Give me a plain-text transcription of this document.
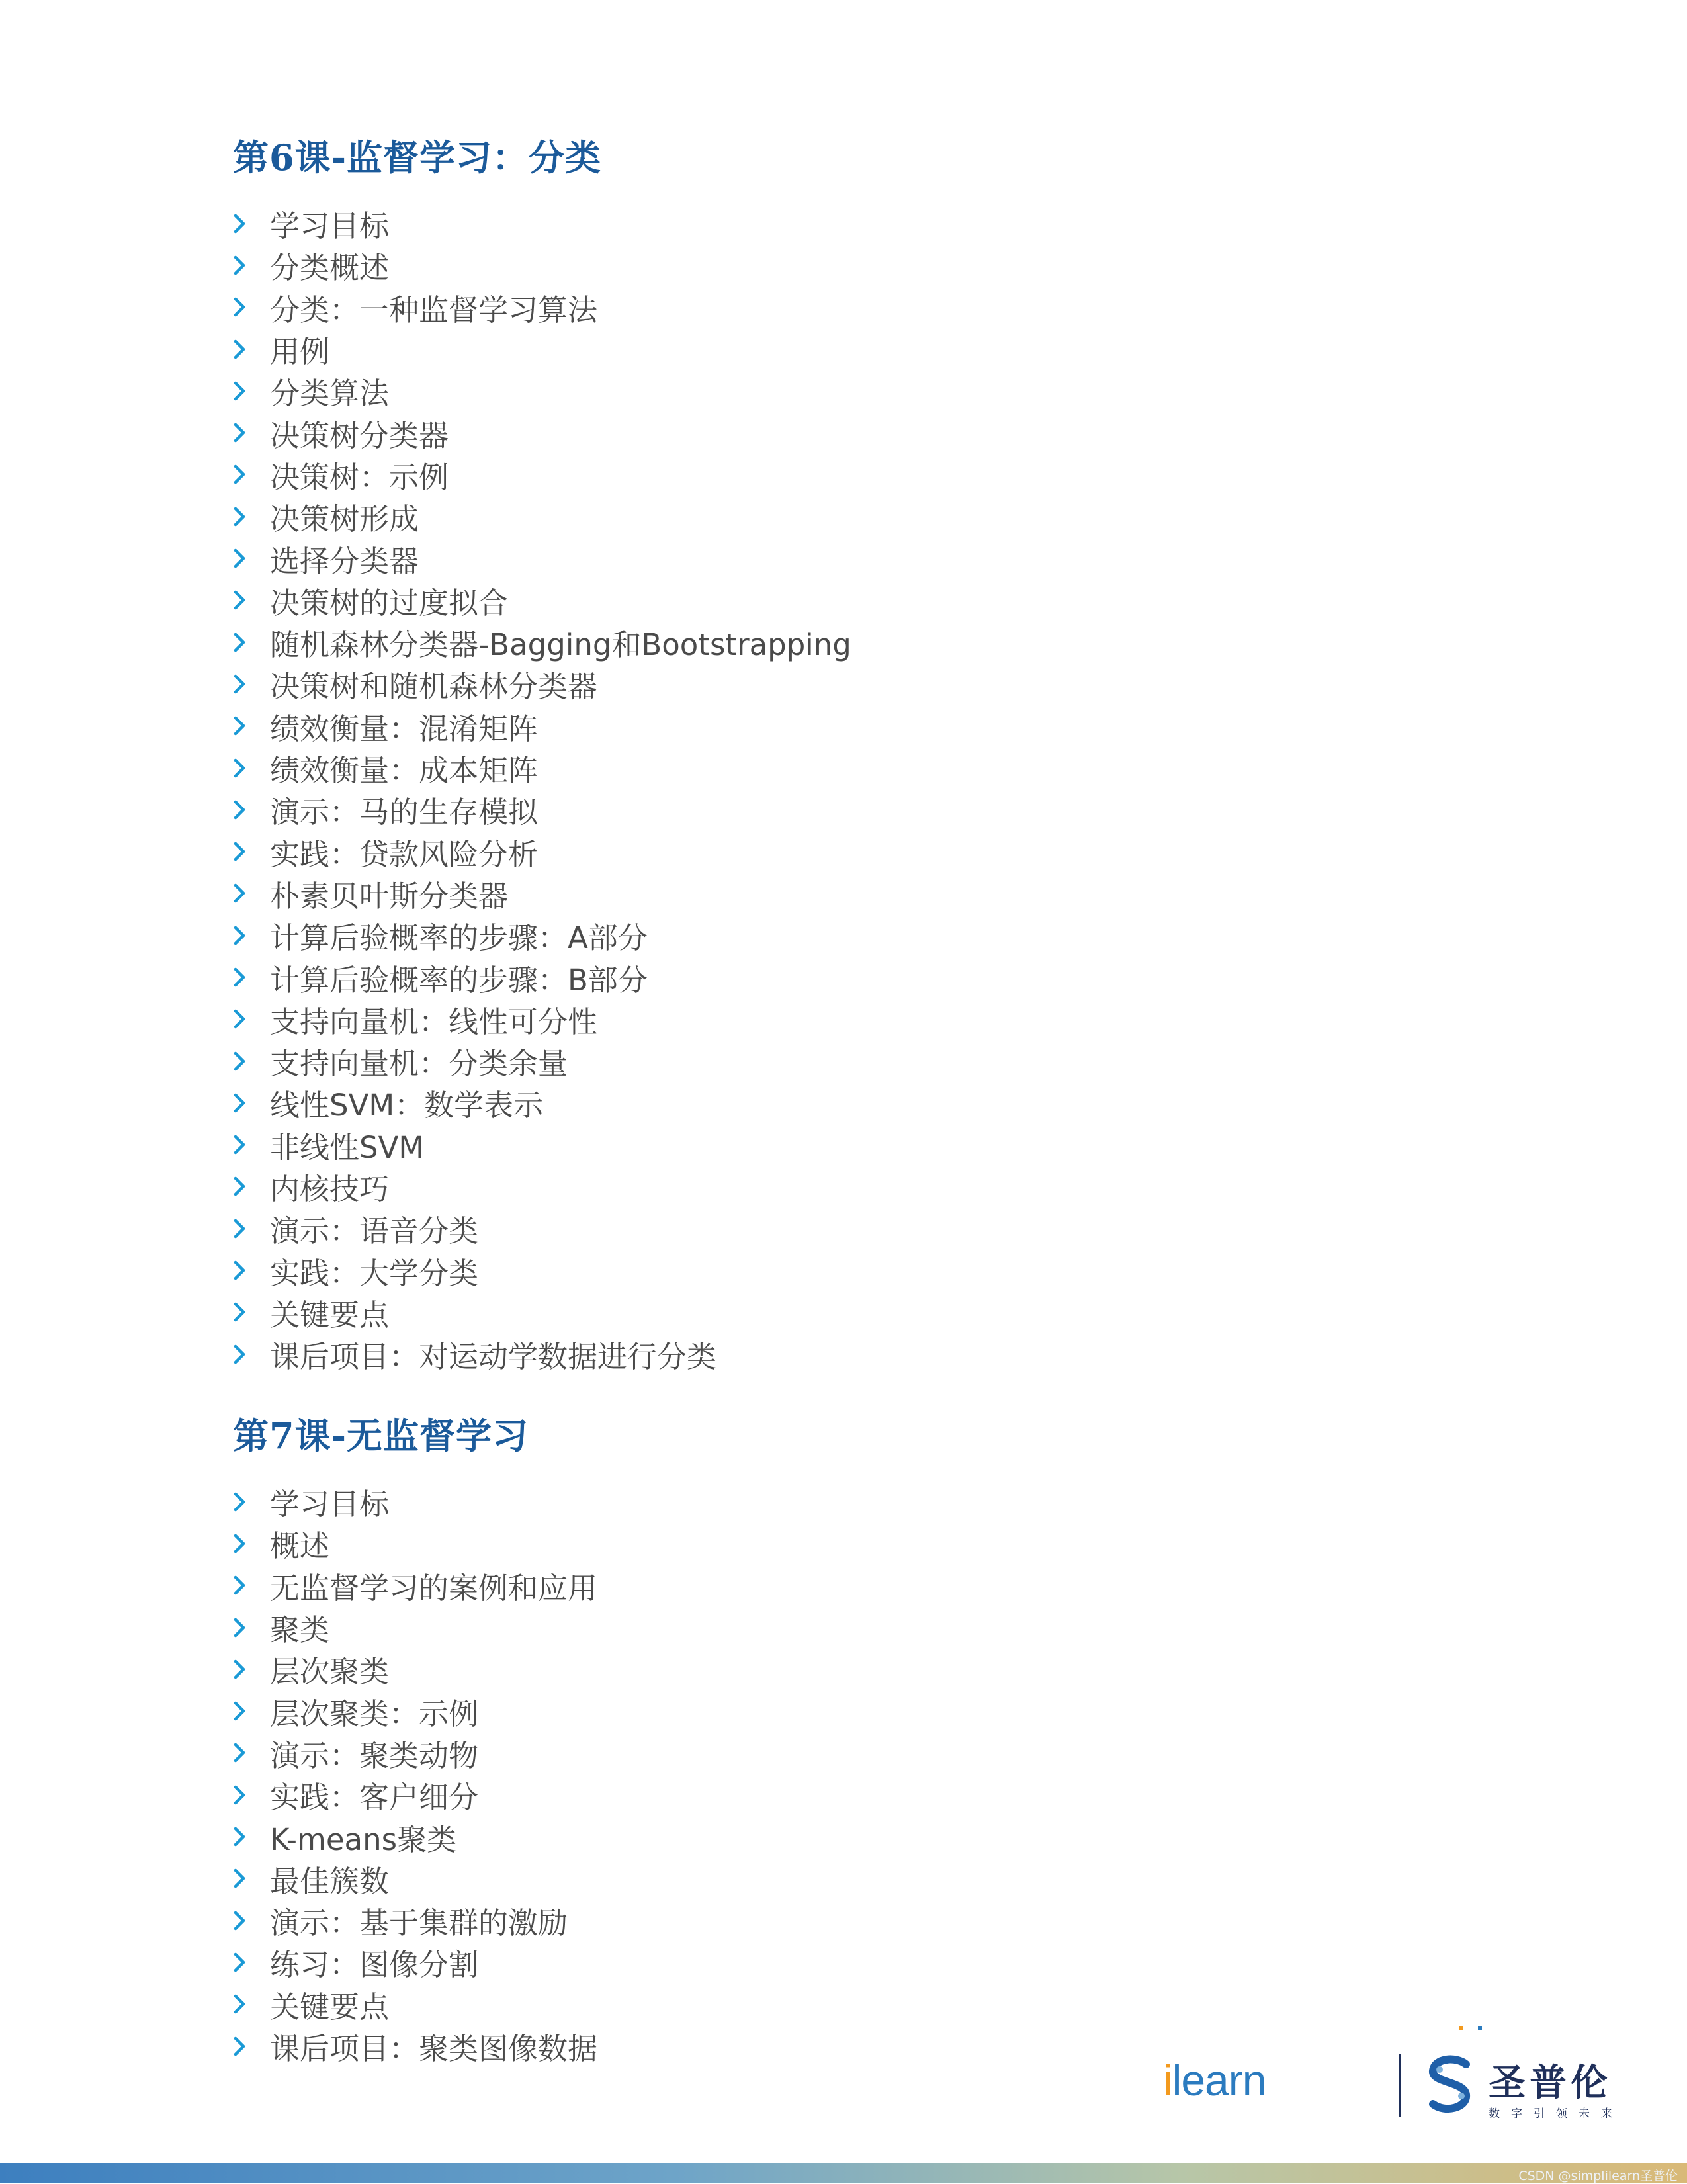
第6课-监督学习：分类
学习目标
分类概述
分类：一种监督学习算法
用例
分类算法
决策树分类器
决策树：示例
决策树形成
选择分类器
决策树的过度拟合
随机森林分类器-Bagging和Bootstrapping
决策树和随机森林分类器
绩效衡量：混淆矩阵
绩效衡量：成本矩阵
演示：马的生存模拟
实践：贷款风险分析
朴素贝叶斯分类器
计算后验概率的步骤：A部分
计算后验概率的步骤：B部分
支持向量机：线性可分性
支持向量机：分类余量
线性SVM：数学表示
非线性SVM
内核技巧
演示：语音分类
实践：大学分类
关键要点
课后项目：对运动学数据进行分类
第7课-无监督学习
学习目标
概述
无监督学习的案例和应用
聚类
层次聚类
层次聚类：示例
演示：聚类动物
实践：客户细分
K-means聚类
最佳簇数
演示：基于集群的激励
练习：图像分割
关键要点
课后项目：聚类图像数据
ilearn	圣普伦
数字引领未来
CSDN @simplilearn圣普伦
